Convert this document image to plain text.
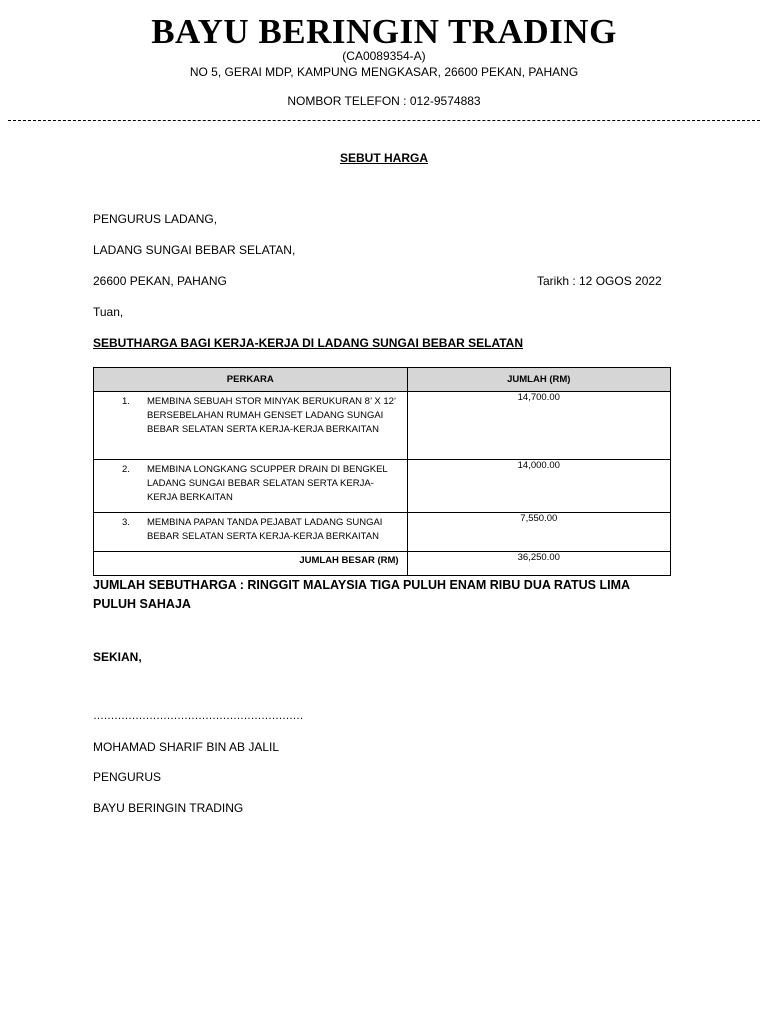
BAYU BERINGIN TRADING
(CA0089354-A)
NO 5, GERAI MDP, KAMPUNG MENGKASAR, 26600 PEKAN, PAHANG
NOMBOR TELEFON : 012-9574883
SEBUT HARGA
PENGURUS LADANG,
LADANG SUNGAI BEBAR SELATAN,
26600 PEKAN, PAHANG	Tarikh : 12 OGOS 2022
Tuan,
SEBUTHARGA BAGI KERJA-KERJA DI LADANG SUNGAI BEBAR SELATAN
PERKARA	JUMLAH (RM)

1. MEMBINA SEBUAH STOR MINYAK BERUKURAN 8’ X 12’ BERSEBELAHAN RUMAH GENSET LADANG SUNGAI BEBAR SELATAN SERTA KERJA-KERJA BERKAITAN	14,700.00

2. MEMBINA LONGKANG SCUPPER DRAIN DI BENGKEL LADANG SUNGAI BEBAR SELATAN SERTA KERJA-KERJA BERKAITAN	14,000.00

3. MEMBINA PAPAN TANDA PEJABAT LADANG SUNGAI BEBAR SELATAN SERTA KERJA-KERJA BERKAITAN	7,550.00
JUMLAH BESAR (RM)	36,250.00
JUMLAH SEBUTHARGA : RINGGIT MALAYSIA TIGA PULUH ENAM RIBU DUA RATUS LIMA PULUH SAHAJA
SEKIAN,
……………………………………………………
MOHAMAD SHARIF BIN AB JALIL
PENGURUS
BAYU BERINGIN TRADING
